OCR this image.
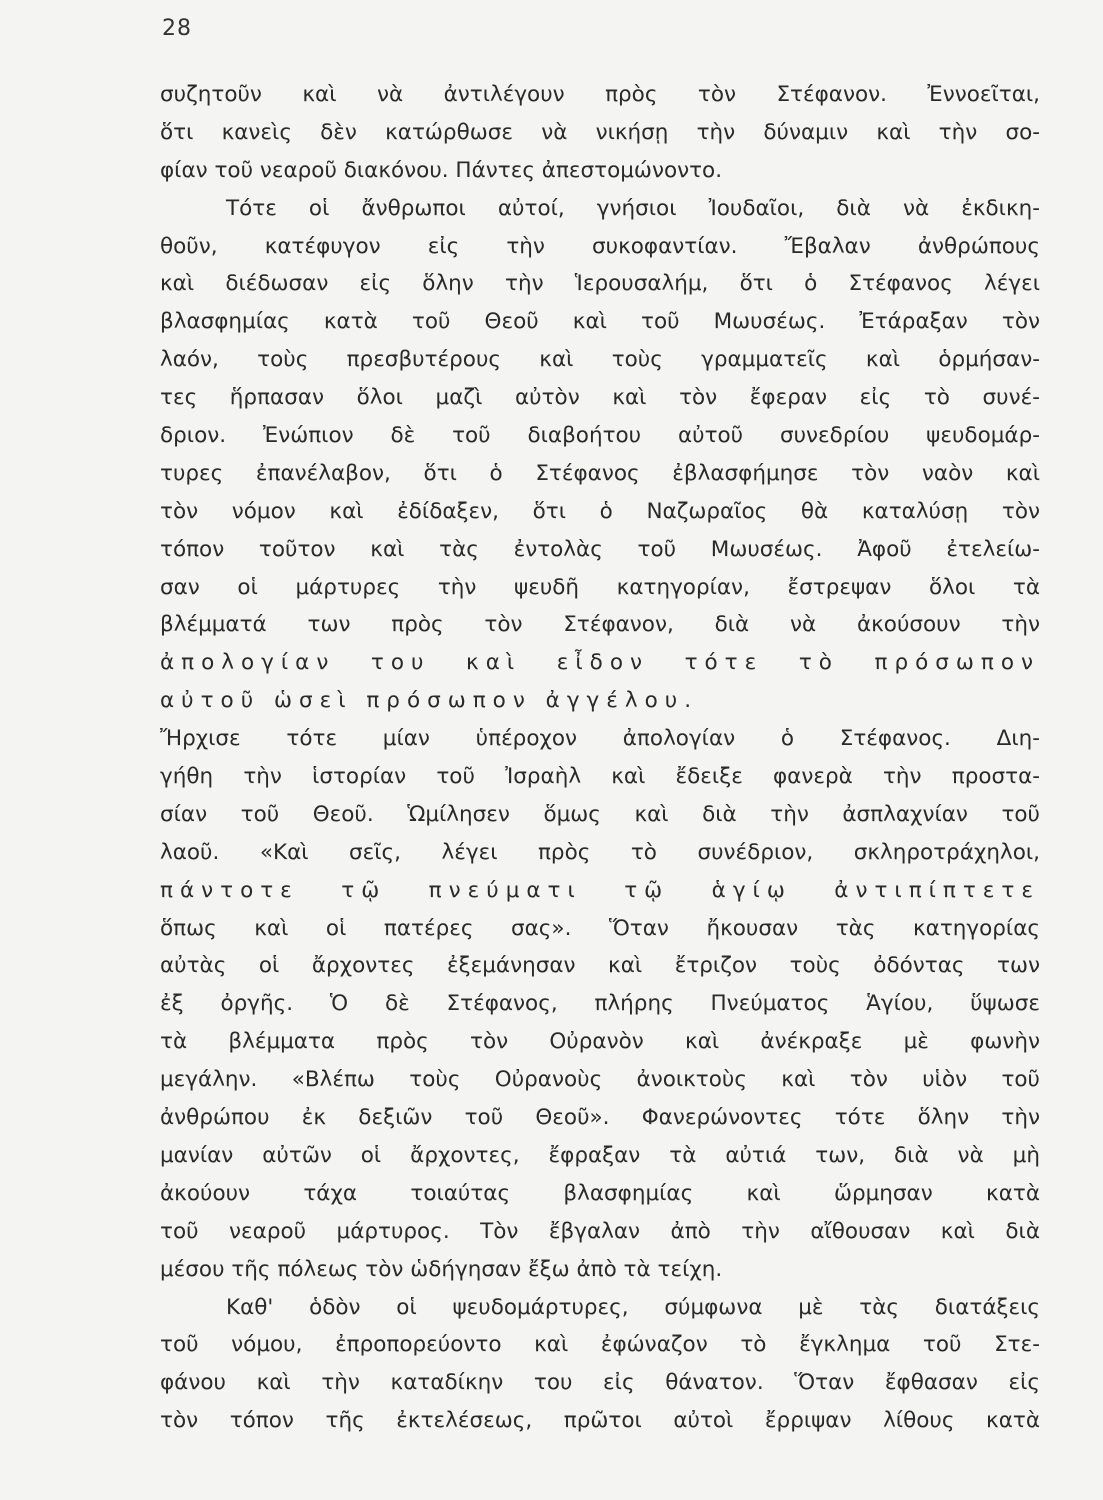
28
συζητοῦν καὶ νὰ ἀντιλέγουν πρὸς τὸν Στέφανον. Ἐννοεῖται,
ὅτι κανεὶς δὲν κατώρθωσε νὰ νικήσῃ τὴν δύναμιν καὶ τὴν σο-
φίαν τοῦ νεαροῦ διακόνου. Πάντες ἀπεστομώνοντο.
Τότε οἱ ἄνθρωποι αὐτοί, γνήσιοι Ἰουδαῖοι, διὰ νὰ ἐκδικη-
θοῦν, κατέφυγον εἰς τὴν συκοφαντίαν. Ἔβαλαν ἀνθρώπους
καὶ διέδωσαν εἰς ὅλην τὴν Ἱερουσαλήμ, ὅτι ὁ Στέφανος λέγει
βλασφημίας κατὰ τοῦ Θεοῦ καὶ τοῦ Μωυσέως. Ἐτάραξαν τὸν
λαόν, τοὺς πρεσβυτέρους καὶ τοὺς γραμματεῖς καὶ ὁρμήσαν-
τες ἥρπασαν ὅλοι μαζὶ αὐτὸν καὶ τὸν ἔφεραν εἰς τὸ συνέ-
δριον. Ἐνώπιον δὲ τοῦ διαβοήτου αὐτοῦ συνεδρίου ψευδομάρ-
τυρες ἐπανέλαβον, ὅτι ὁ Στέφανος ἐβλασφήμησε τὸν ναὸν καὶ
τὸν νόμον καὶ ἐδίδαξεν, ὅτι ὁ Ναζωραῖος θὰ καταλύσῃ τὸν
τόπον τοῦτον καὶ τὰς ἐντολὰς τοῦ Μωυσέως. Ἀφοῦ ἐτελείω-
σαν οἱ μάρτυρες τὴν ψευδῆ κατηγορίαν, ἔστρεψαν ὅλοι τὰ
βλέμματά των πρὸς τὸν Στέφανον, διὰ νὰ ἀκούσουν τὴν
ἀπολογίαν του καὶ εἶδον τότε τὸ πρόσωπον
αὐτοῦ ὡσεὶ πρόσωπον ἀγγέλου.
Ἤρχισε τότε μίαν ὑπέροχον ἀπολογίαν ὁ Στέφανος. Διη-
γήθη τὴν ἱστορίαν τοῦ Ἰσραὴλ καὶ ἔδειξε φανερὰ τὴν προστα-
σίαν τοῦ Θεοῦ. Ὡμίλησεν ὅμως καὶ διὰ τὴν ἀσπλαχνίαν τοῦ
λαοῦ. «Καὶ σεῖς, λέγει πρὸς τὸ συνέδριον, σκληροτράχηλοι,
πάντοτε τῷ πνεύματι τῷ ἁγίῳ ἀντιπίπτετε
ὅπως καὶ οἱ πατέρες σας». Ὅταν ἤκουσαν τὰς κατηγορίας
αὐτὰς οἱ ἄρχοντες ἐξεμάνησαν καὶ ἔτριζον τοὺς ὀδόντας των
ἐξ ὀργῆς. Ὁ δὲ Στέφανος, πλήρης Πνεύματος Ἁγίου, ὕψωσε
τὰ βλέμματα πρὸς τὸν Οὐρανὸν καὶ ἀνέκραξε μὲ φωνὴν
μεγάλην. «Βλέπω τοὺς Οὐρανοὺς ἀνοικτοὺς καὶ τὸν υἱὸν τοῦ
ἀνθρώπου ἐκ δεξιῶν τοῦ Θεοῦ». Φανερώνοντες τότε ὅλην τὴν
μανίαν αὐτῶν οἱ ἄρχοντες, ἔφραξαν τὰ αὐτιά των, διὰ νὰ μὴ
ἀκούουν τάχα τοιαύτας βλασφημίας καὶ ὥρμησαν κατὰ
τοῦ νεαροῦ μάρτυρος. Τὸν ἔβγαλαν ἀπὸ τὴν αἴθουσαν καὶ διὰ
μέσου τῆς πόλεως τὸν ὡδήγησαν ἔξω ἀπὸ τὰ τείχη.
Καθ' ὁδὸν οἱ ψευδομάρτυρες, σύμφωνα μὲ τὰς διατάξεις
τοῦ νόμου, ἐπροπορεύοντο καὶ ἐφώναζον τὸ ἔγκλημα τοῦ Στε-
φάνου καὶ τὴν καταδίκην του εἰς θάνατον. Ὅταν ἔφθασαν εἰς
τὸν τόπον τῆς ἐκτελέσεως, πρῶτοι αὐτοὶ ἔρριψαν λίθους κατὰ
